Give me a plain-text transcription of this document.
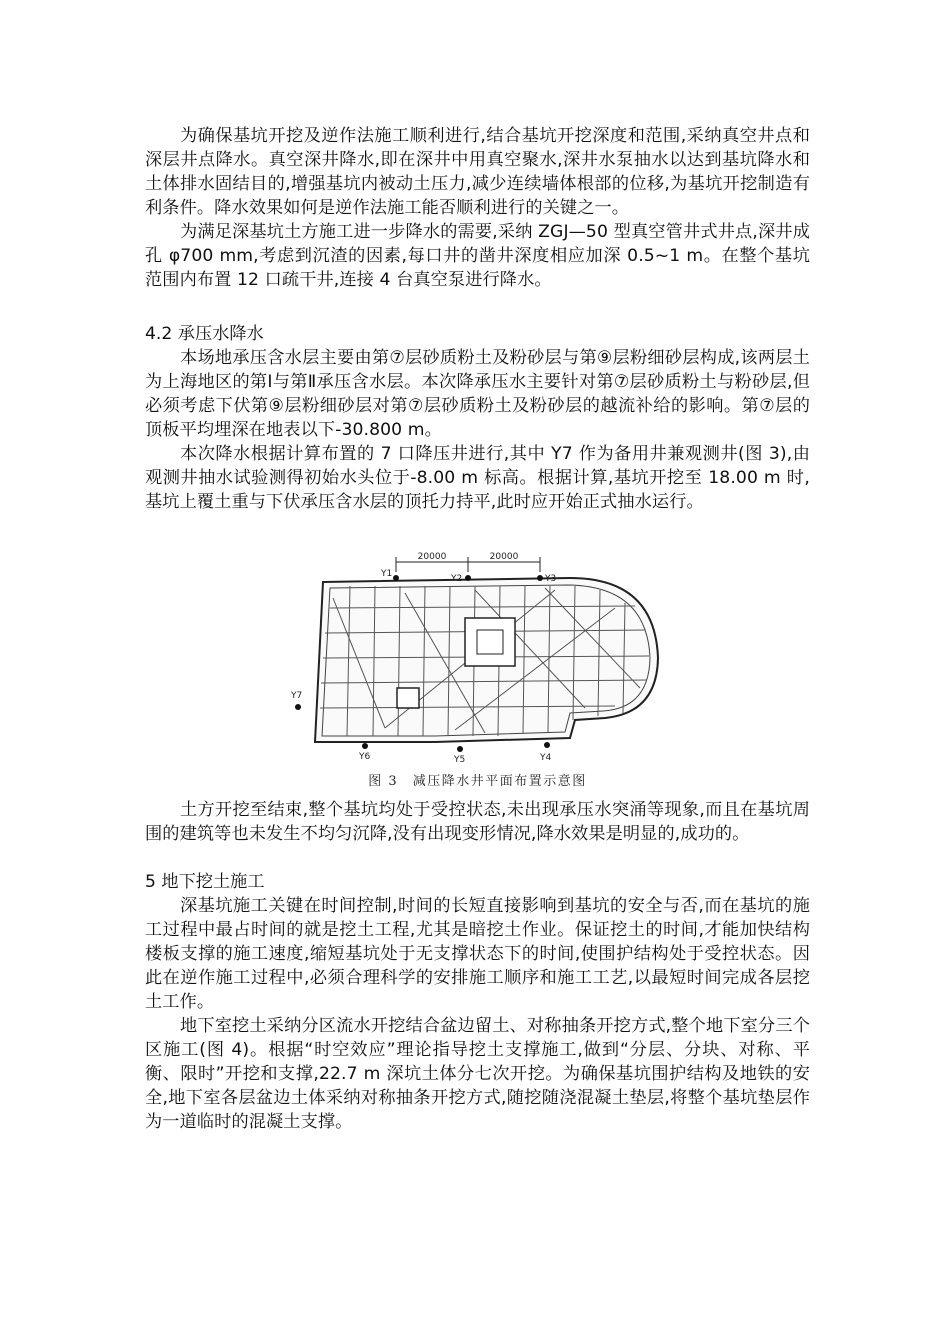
为确保基坑开挖及逆作法施工顺利进行,结合基坑开挖深度和范围,采纳真空井点和深层井点降水。真空深井降水,即在深井中用真空聚水,深井水泵抽水以达到基坑降水和土体排水固结目的,增强基坑内被动土压力,减少连续墙体根部的位移,为基坑开挖制造有利条件。降水效果如何是逆作法施工能否顺利进行的关键之一。

为满足深基坑土方施工进一步降水的需要,采纳 ZGJ—50 型真空管井式井点,深井成孔 φ700 mm,考虑到沉渣的因素,每口井的凿井深度相应加深 0.5~1 m。在整个基坑范围内布置 12 口疏干井,连接 4 台真空泵进行降水。

4.2 承压水降水

本场地承压含水层主要由第⑦层砂质粉土及粉砂层与第⑨层粉细砂层构成,该两层土为上海地区的第Ⅰ与第Ⅱ承压含水层。本次降承压水主要针对第⑦层砂质粉土与粉砂层,但必须考虑下伏第⑨层粉细砂层对第⑦层砂质粉土及粉砂层的越流补给的影响。第⑦层的顶板平均埋深在地表以下-30.800 m。

本次降水根据计算布置的 7 口降压井进行,其中 Y7 作为备用井兼观测井(图 3),由观测井抽水试验测得初始水头位于-8.00 m 标高。根据计算,基坑开挖至 18.00 m 时,基坑上覆土重与下伏承压含水层的顶托力持平,此时应开始正式抽水运行。

20000	20000
Y1	Y2	Y3
Y4
Y5
Y6
Y7
图 3　减压降水井平面布置示意图

土方开挖至结束,整个基坑均处于受控状态,未出现承压水突涌等现象,而且在基坑周围的建筑等也未发生不均匀沉降,没有出现变形情况,降水效果是明显的,成功的。

5 地下挖土施工

深基坑施工关键在时间控制,时间的长短直接影响到基坑的安全与否,而在基坑的施工过程中最占时间的就是挖土工程,尤其是暗挖土作业。保证挖土的时间,才能加快结构楼板支撑的施工速度,缩短基坑处于无支撑状态下的时间,使围护结构处于受控状态。因此在逆作施工过程中,必须合理科学的安排施工顺序和施工工艺,以最短时间完成各层挖土工作。

地下室挖土采纳分区流水开挖结合盆边留土、对称抽条开挖方式,整个地下室分三个区施工(图 4)。根据“时空效应”理论指导挖土支撑施工,做到“分层、分块、对称、平衡、限时”开挖和支撑,22.7 m 深坑土体分七次开挖。为确保基坑围护结构及地铁的安全,地下室各层盆边土体采纳对称抽条开挖方式,随挖随浇混凝土垫层,将整个基坑垫层作为一道临时的混凝土支撑。
